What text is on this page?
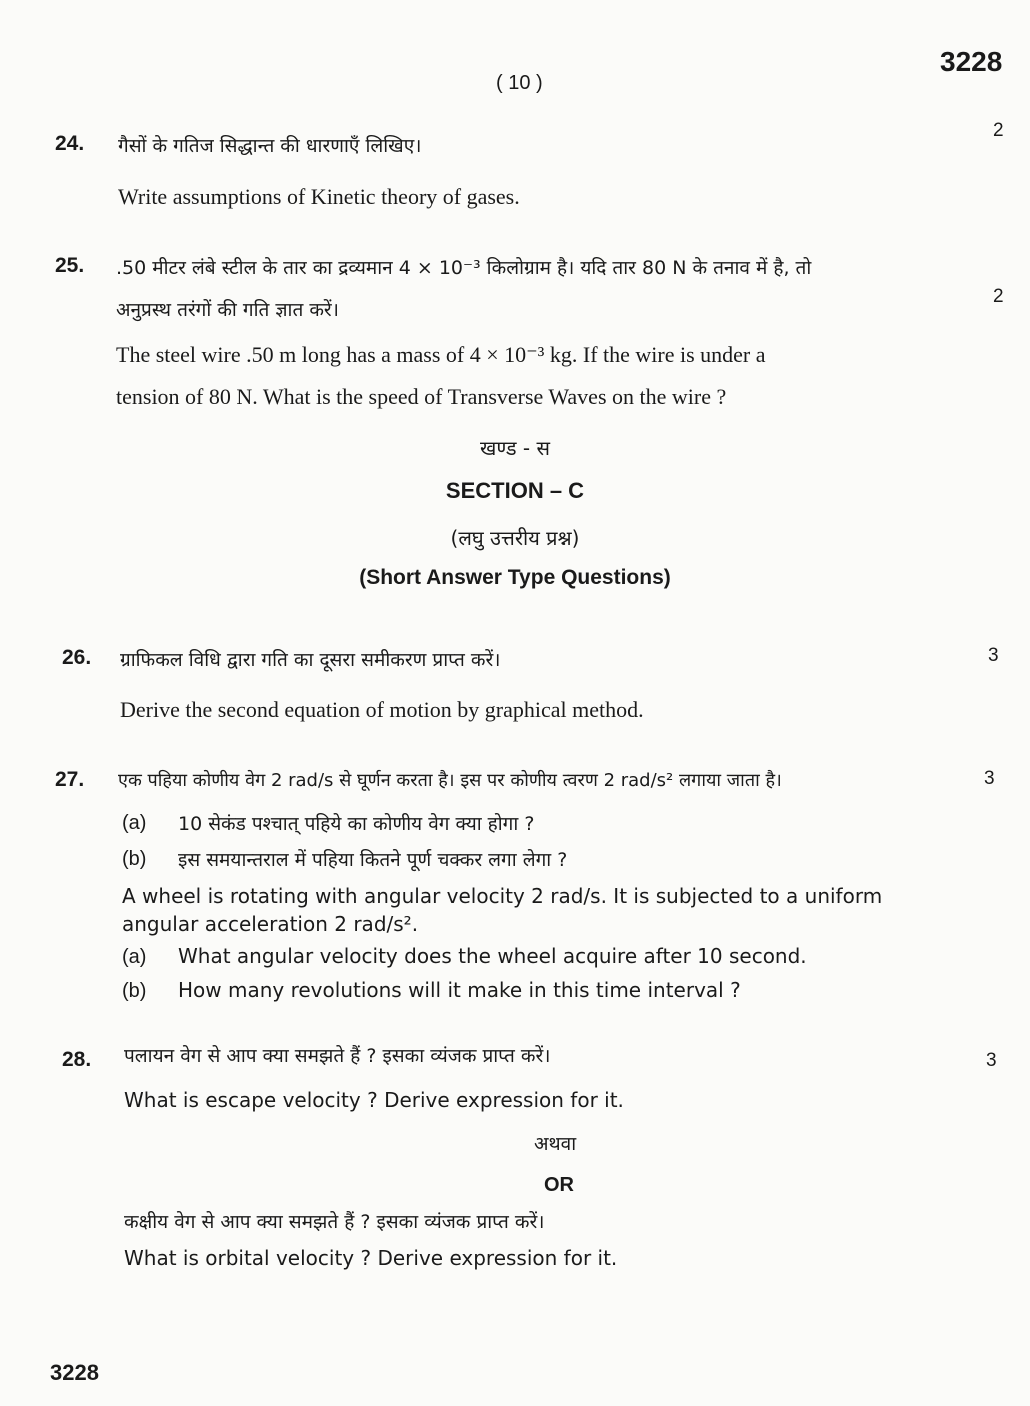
( 10 )
3228
24. गैसों के गतिज सिद्धान्त की धारणाएँ लिखिए।
2
Write assumptions of Kinetic theory of gases.
25. .50 मीटर लंबे स्टील के तार का द्रव्यमान 4 × 10⁻³ किलोग्राम है। यदि तार 80 N के तनाव में है, तो
अनुप्रस्थ तरंगों की गति ज्ञात करें।
2
The steel wire .50 m long has a mass of 4 × 10⁻³ kg. If the wire is under a
tension of 80 N. What is the speed of Transverse Waves on the wire ?
खण्ड - स
SECTION – C
(लघु उत्तरीय प्रश्न)
(Short Answer Type Questions)
26. ग्राफिकल विधि द्वारा गति का दूसरा समीकरण प्राप्त करें।	3
Derive the second equation of motion by graphical method.
27. एक पहिया कोणीय वेग 2 rad/s से घूर्णन करता है। इस पर कोणीय त्वरण 2 rad/s² लगाया जाता है।	3
(a) 10 सेकंड पश्चात् पहिये का कोणीय वेग क्या होगा ?
(b) इस समयान्तराल में पहिया कितने पूर्ण चक्कर लगा लेगा ?
A wheel is rotating with angular velocity 2 rad/s. It is subjected to a uniform
angular acceleration 2 rad/s².
(a) What angular velocity does the wheel acquire after 10 second.
(b) How many revolutions will it make in this time interval ?
28. पलायन वेग से आप क्या समझते हैं ? इसका व्यंजक प्राप्त करें।	3
What is escape velocity ? Derive expression for it.
अथवा
OR
कक्षीय वेग से आप क्या समझते हैं ? इसका व्यंजक प्राप्त करें।
What is orbital velocity ? Derive expression for it.
3228
